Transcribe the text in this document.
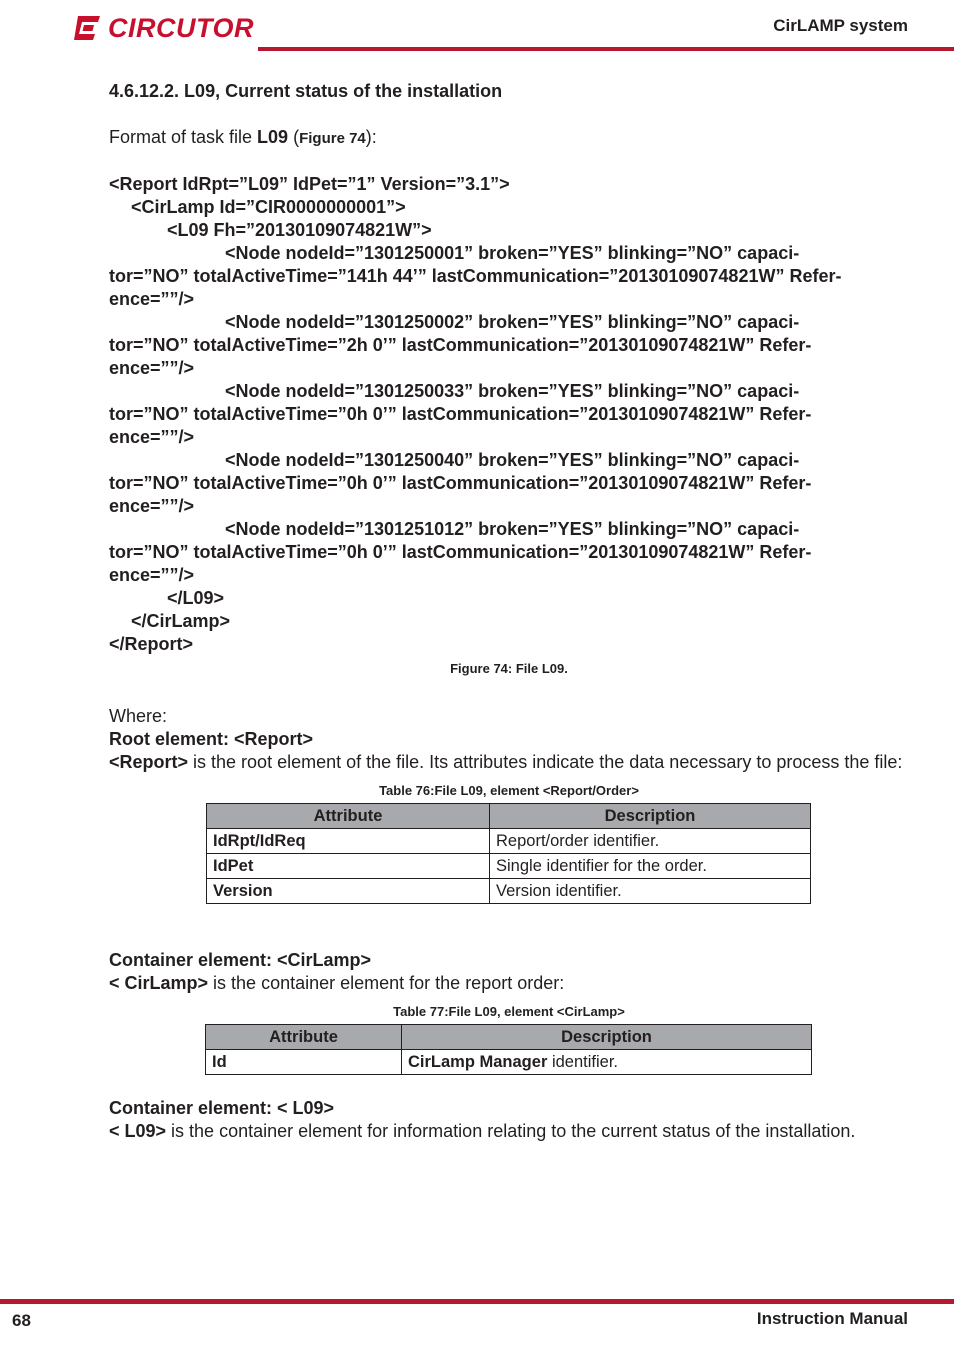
CIRCUTOR	CirLAMP system
4.6.12.2. L09, Current status of the installation

Format of task file L09 (Figure 74):

<Report IdRpt=”L09” IdPet=”1” Version=”3.1”>
<CirLamp Id=”CIR0000000001”>
<L09 Fh=”20130109074821W”>
<Node nodeId=”1301250001” broken=”YES” blinking=”NO” capaci-
tor=”NO” totalActiveTime=”141h 44’” lastCommunication=”20130109074821W” Refer-
ence=””/>
<Node nodeId=”1301250002” broken=”YES” blinking=”NO” capaci-
tor=”NO” totalActiveTime=”2h 0’” lastCommunication=”20130109074821W” Refer-
ence=””/>
<Node nodeId=”1301250033” broken=”YES” blinking=”NO” capaci-
tor=”NO” totalActiveTime=”0h 0’” lastCommunication=”20130109074821W” Refer-
ence=””/>
<Node nodeId=”1301250040” broken=”YES” blinking=”NO” capaci-
tor=”NO” totalActiveTime=”0h 0’” lastCommunication=”20130109074821W” Refer-
ence=””/>
<Node nodeId=”1301251012” broken=”YES” blinking=”NO” capaci-
tor=”NO” totalActiveTime=”0h 0’” lastCommunication=”20130109074821W” Refer-
ence=””/>
</L09>
</CirLamp>
</Report>
Figure 74: File L09.

Where:

Root element: <Report>

<Report> is the root element of the file. Its attributes indicate the data necessary to process the file:

Table 76:File L09, element <Report/Order>
Attribute	Description
IdRpt/IdReq	Report/order identifier.
IdPet	Single identifier for the order.
Version	Version identifier.

Container element: <CirLamp>

< CirLamp> is the container element for the report order:

Table 77:File L09, element <CirLamp>
Attribute	Description
Id	CirLamp Manager identifier.

Container element: < L09>

< L09> is the container element for information relating to the current status of the installation.

68	Instruction Manual
